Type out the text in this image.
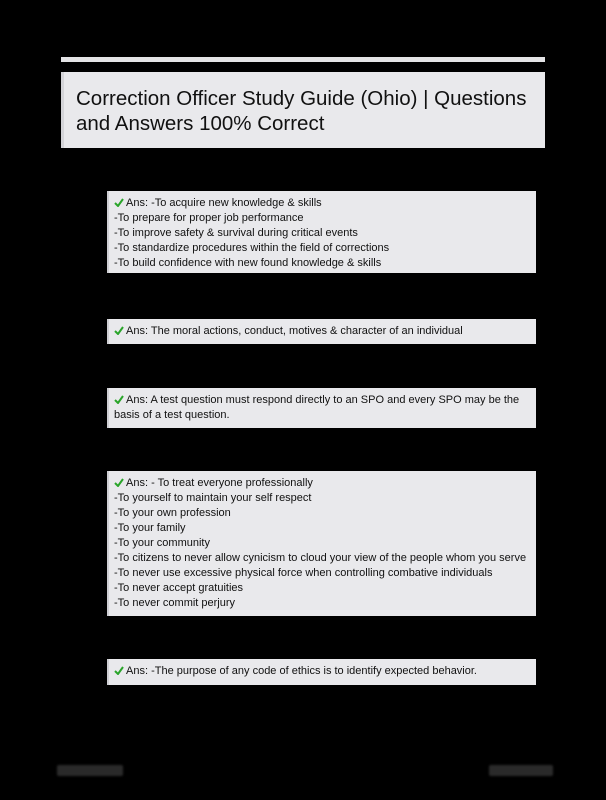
Correction Officer Study Guide (Ohio) | Questions and Answers 100% Correct
Ans: -To acquire new knowledge & skills
-To prepare for proper job performance
-To improve safety & survival during critical events
-To standardize procedures within the field of corrections
-To build confidence with new found knowledge & skills
Ans: The moral actions, conduct, motives & character of an individual
Ans: A test question must respond directly to an SPO and every SPO may be the basis of a test question.
Ans: - To treat everyone professionally
-To yourself to maintain your self respect
-To your own profession
-To your family
-To your community
-To citizens to never allow cynicism to cloud your view of the people whom you serve
-To never use excessive physical force when controlling combative individuals
-To never accept gratuities
-To never commit perjury
Ans: -The purpose of any code of ethics is to identify expected behavior.
